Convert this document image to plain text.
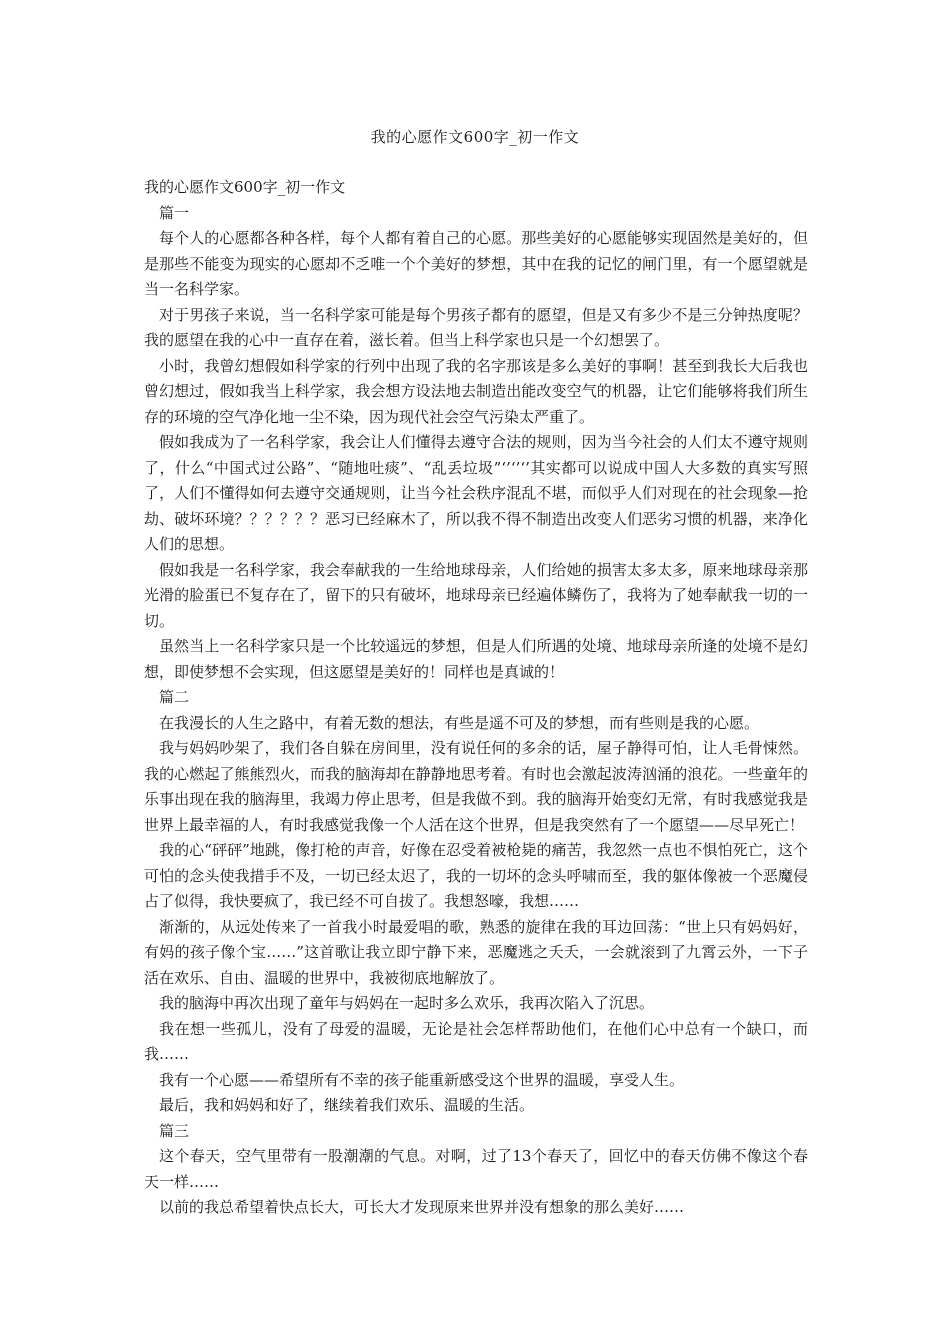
我的心愿作文600字_初一作文

我的心愿作文600字_初一作文

篇一

每个人的心愿都各种各样，每个人都有着自己的心愿。那些美好的心愿能够实现固然是美好的，但是那些不能变为现实的心愿却不乏唯一个个美好的梦想，其中在我的记忆的闸门里，有一个愿望就是当一名科学家。

对于男孩子来说，当一名科学家可能是每个男孩子都有的愿望，但是又有多少不是三分钟热度呢？我的愿望在我的心中一直存在着，滋长着。但当上科学家也只是一个幻想罢了。

小时，我曾幻想假如科学家的行列中出现了我的名字那该是多么美好的事啊！甚至到我长大后我也曾幻想过，假如我当上科学家，我会想方设法地去制造出能改变空气的机器，让它们能够将我们所生存的环境的空气净化地一尘不染，因为现代社会空气污染太严重了。

假如我成为了一名科学家，我会让人们懂得去遵守合法的规则，因为当今社会的人们太不遵守规则了，什么“中国式过公路”、“随地吐痰”、“乱丢垃圾”‘’‘’‘’其实都可以说成中国人大多数的真实写照了，人们不懂得如何去遵守交通规则，让当今社会秩序混乱不堪，而似乎人们对现在的社会现象—抢劫、破坏环境？？？？？？恶习已经麻木了，所以我不得不制造出改变人们恶劣习惯的机器，来净化人们的思想。

假如我是一名科学家，我会奉献我的一生给地球母亲，人们给她的损害太多太多，原来地球母亲那光滑的脸蛋已不复存在了，留下的只有破坏，地球母亲已经遍体鳞伤了，我将为了她奉献我一切的一切。

虽然当上一名科学家只是一个比较遥远的梦想，但是人们所遇的处境、地球母亲所逢的处境不是幻想，即使梦想不会实现，但这愿望是美好的！同样也是真诚的！

篇二

在我漫长的人生之路中，有着无数的想法，有些是遥不可及的梦想，而有些则是我的心愿。

我与妈妈吵架了，我们各自躲在房间里，没有说任何的多余的话，屋子静得可怕，让人毛骨悚然。我的心燃起了熊熊烈火，而我的脑海却在静静地思考着。有时也会激起波涛汹涌的浪花。一些童年的乐事出现在我的脑海里，我竭力停止思考，但是我做不到。我的脑海开始变幻无常，有时我感觉我是世界上最幸福的人，有时我感觉我像一个人活在这个世界，但是我突然有了一个愿望——尽早死亡！

我的心“砰砰”地跳，像打枪的声音，好像在忍受着被枪毙的痛苦，我忽然一点也不惧怕死亡，这个可怕的念头使我措手不及，一切已经太迟了，我的一切坏的念头呼啸而至，我的躯体像被一个恶魔侵占了似得，我快要疯了，我已经不可自拔了。我想怒嚎，我想……

渐渐的，从远处传来了一首我小时最爱唱的歌，熟悉的旋律在我的耳边回荡：“世上只有妈妈好，有妈的孩子像个宝……”这首歌让我立即宁静下来，恶魔逃之夭夭，一会就滚到了九霄云外，一下子活在欢乐、自由、温暖的世界中，我被彻底地解放了。

我的脑海中再次出现了童年与妈妈在一起时多么欢乐，我再次陷入了沉思。

我在想一些孤儿，没有了母爱的温暖，无论是社会怎样帮助他们，在他们心中总有一个缺口，而我……

我有一个心愿——希望所有不幸的孩子能重新感受这个世界的温暖，享受人生。

最后，我和妈妈和好了，继续着我们欢乐、温暖的生活。

篇三

这个春天，空气里带有一股潮潮的气息。对啊，过了13个春天了，回忆中的春天仿佛不像这个春天一样……

以前的我总希望着快点长大，可长大才发现原来世界并没有想象的那么美好……
